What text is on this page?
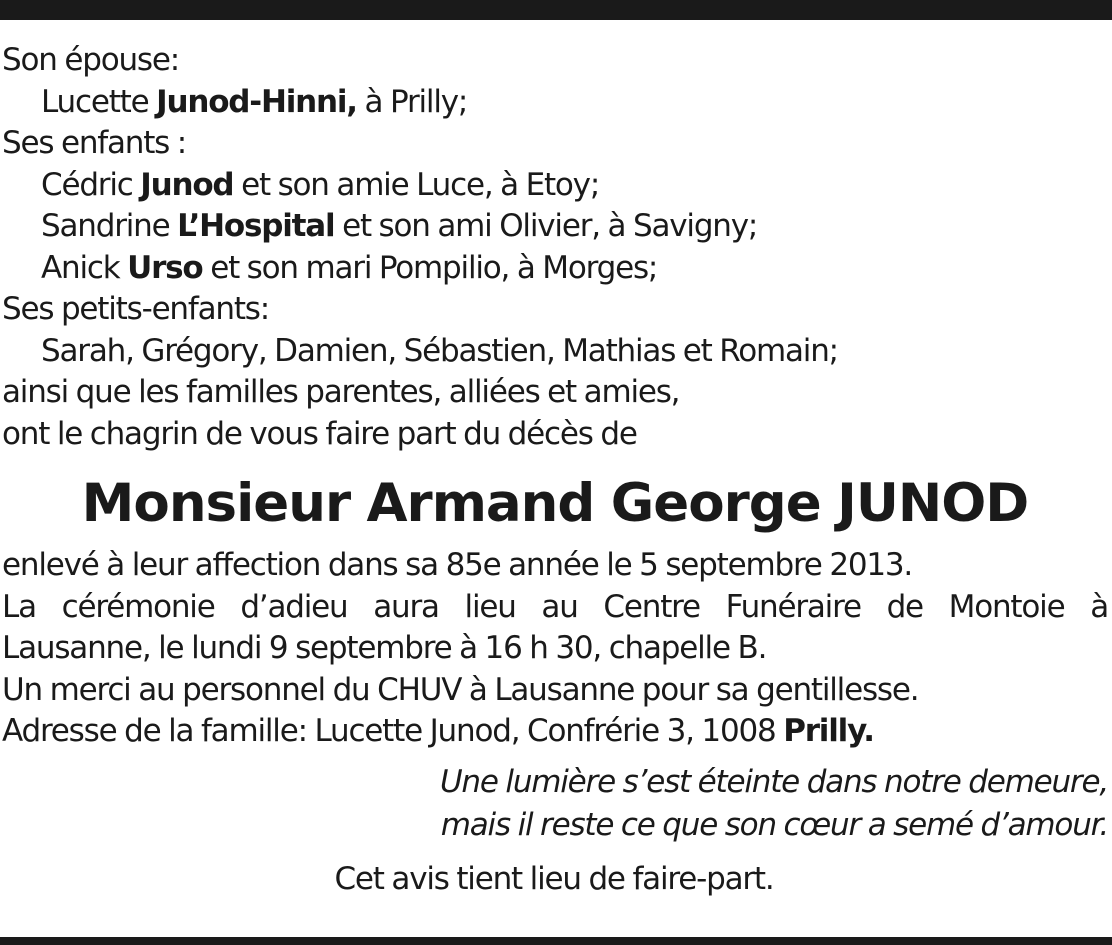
Son épouse:
Lucette Junod-Hinni, à Prilly;
Ses enfants :
Cédric Junod et son amie Luce, à Etoy;
Sandrine L’Hospital et son ami Olivier, à Savigny;
Anick Urso et son mari Pompilio, à Morges;
Ses petits-enfants:
Sarah, Grégory, Damien, Sébastien, Mathias et Romain;
ainsi que les familles parentes, alliées et amies,
ont le chagrin de vous faire part du décès de
Monsieur Armand George JUNOD
enlevé à leur affection dans sa 85e année le 5 septembre 2013.
La cérémonie d’adieu aura lieu au Centre Funéraire de Montoie à
Lausanne, le lundi 9 septembre à 16 h 30, chapelle B.
Un merci au personnel du CHUV à Lausanne pour sa gentillesse.
Adresse de la famille: Lucette Junod, Confrérie 3, 1008 Prilly.
Une lumière s’est éteinte dans notre demeure,
mais il reste ce que son cœur a semé d’amour.
Cet avis tient lieu de faire-part.
